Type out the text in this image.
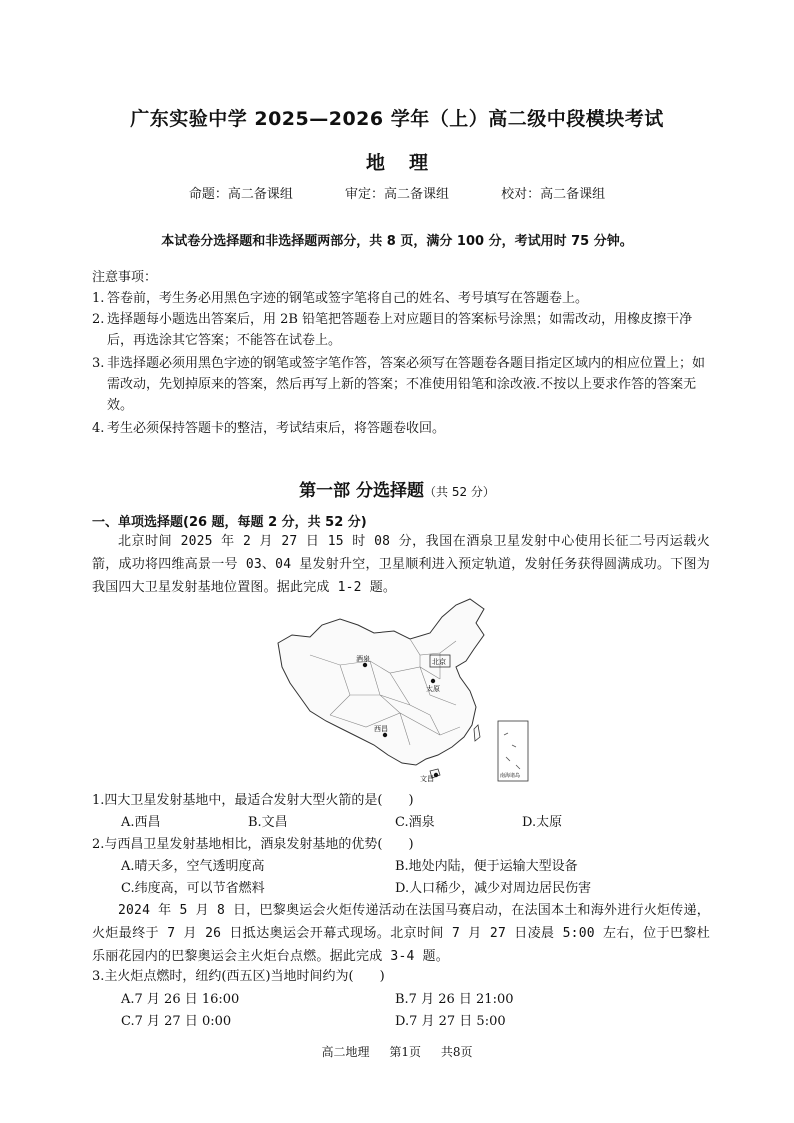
广东实验中学 2025—2026 学年（上）高二级中段模块考试
地 理
命题：高二备课组	审定：高二备课组	校对：高二备课组
本试卷分选择题和非选择题两部分，共 8 页，满分 100 分，考试用时 75 分钟。
注意事项：
1. 答卷前，考生务必用黑色字迹的钢笔或签字笔将自己的姓名、考号填写在答题卷上。
2. 选择题每小题选出答案后，用 2B 铅笔把答题卷上对应题目的答案标号涂黑；如需改动，用橡皮擦干净后，再选涂其它答案；不能答在试卷上。
3. 非选择题必须用黑色字迹的钢笔或签字笔作答，答案必须写在答题卷各题目指定区域内的相应位置上；如需改动，先划掉原来的答案，然后再写上新的答案；不准使用铅笔和涂改液.不按以上要求作答的答案无效。
4. 考生必须保持答题卡的整洁，考试结束后，将答题卷收回。
第一部 分选择题（共 52 分）
一、单项选择题(26 题，每题 2 分，共 52 分)
北京时间 2025 年 2 月 27 日 15 时 08 分，我国在酒泉卫星发射中心使用长征二号丙运载火箭，成功将四维高景一号 03、04 星发射升空，卫星顺利进入预定轨道，发射任务获得圆满成功。下图为我国四大卫星发射基地位置图。据此完成 1-2 题。
北京
酒泉
太原
西昌
文昌	南海诸岛
1.四大卫星发射基地中，最适合发射大型火箭的是(　　)
A.西昌	B.文昌	C.酒泉	D.太原
2.与西昌卫星发射基地相比，酒泉发射基地的优势(　　)
A.晴天多，空气透明度高	B.地处内陆，便于运输大型设备
C.纬度高，可以节省燃料	D.人口稀少，减少对周边居民伤害
2024 年 5 月 8 日，巴黎奥运会火炬传递活动在法国马赛启动，在法国本土和海外进行火炬传递，火炬最终于 7 月 26 日抵达奥运会开幕式现场。北京时间 7 月 27 日凌晨 5:00 左右，位于巴黎杜乐丽花园内的巴黎奥运会主火炬台点燃。据此完成 3-4 题。
3.主火炬点燃时，纽约(西五区)当地时间约为(　　)
A.7 月 26 日 16:00	B.7 月 26 日 21:00
C.7 月 27 日 0:00	D.7 月 27 日 5:00
高二地理 第1页 共8页
